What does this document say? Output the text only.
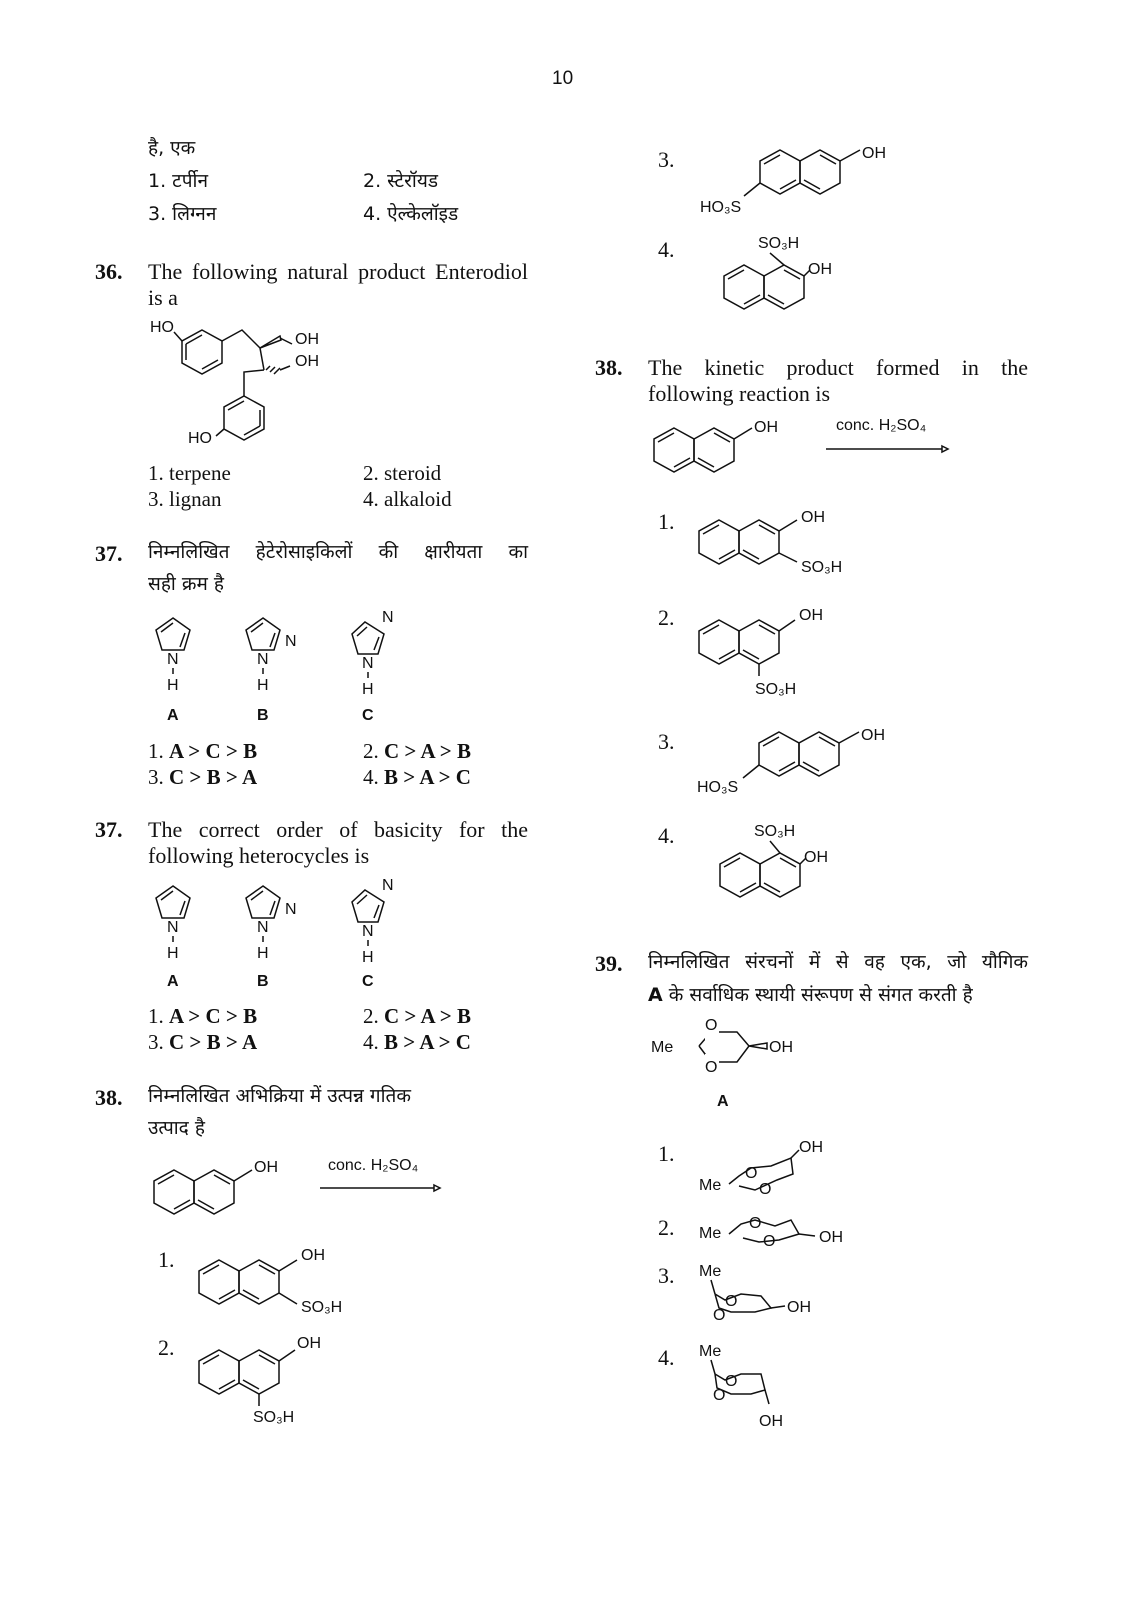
10
है, एक
1. टर्पीन	2. स्टेरॉयड
3. लिग्नन	4. ऐल्केलॉइड
36. The following natural product Enterodiol
is a
HO
OH
OH
HO
1. terpene	2. steroid
3. lignan	4. alkaloid
37. निम्नलिखित हेटेरोसाइकिलों की क्षारीयता का
सही क्रम है
N
H
A
N
N
H
B
N
N
H
C
1. A > C > B	2. C > A > B
3. C > B > A	4. B > A > C
37. The correct order of basicity for the
following heterocycles is
N
H
A
N
N
H
B
N
N
H
C
1. A > C > B	2. C > A > B
3. C > B > A	4. B > A > C
38. निम्नलिखित अभिक्रिया में उत्पन्न गतिक
उत्पाद है
OH	conc. H₂SO₄
1.	OH
SO₃H
2.	OH
SO₃H
3.	OH
HO₃S
4.	SO₃H
OH
38. The kinetic product formed in the
following reaction is
OH	conc. H₂SO₄
1.	OH
SO₃H
2.	OH
SO₃H
3.	OH
HO₃S
4.	SO₃H
OH
39. निम्नलिखित संरचनों में से वह एक, जो यौगिक
A के सर्वाधिक स्थायी संरूपण से संगत करती है
Me
O
O
OH
A
1.
Me
O
O
OH
2. Me
O
O	OH
3. Me
O
O	OH
4. Me
O
O
OH
